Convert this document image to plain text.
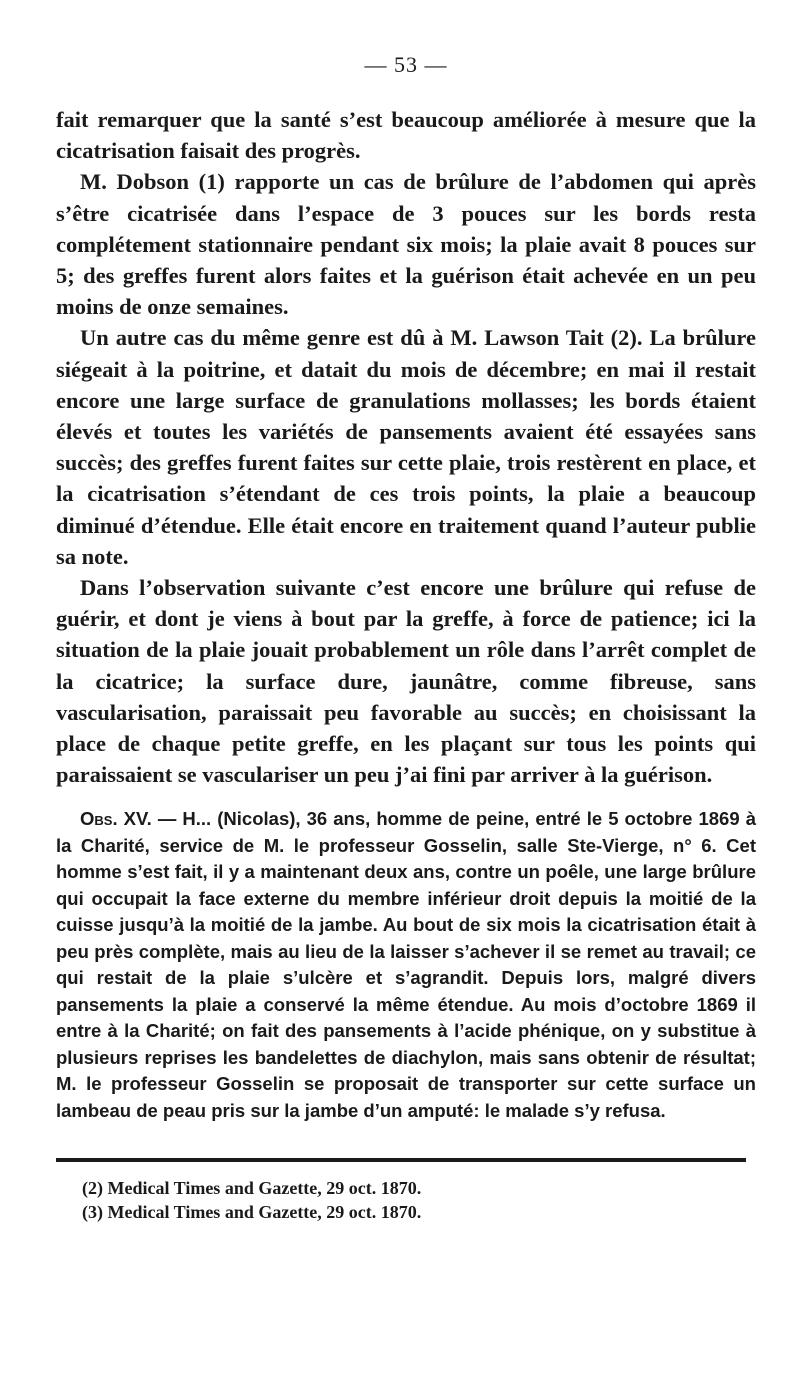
— 53 —

fait remarquer que la santé s’est beaucoup améliorée à mesure que la cicatrisation faisait des progrès.

M. Dobson (1) rapporte un cas de brûlure de l’abdomen qui après s’être cicatrisée dans l’espace de 3 pouces sur les bords resta complétement stationnaire pendant six mois; la plaie avait 8 pouces sur 5; des greffes furent alors faites et la guérison était achevée en un peu moins de onze semaines.

Un autre cas du même genre est dû à M. Lawson Tait (2). La brûlure siégeait à la poitrine, et datait du mois de décembre; en mai il restait encore une large surface de granulations mollasses; les bords étaient élevés et toutes les variétés de pansements avaient été essayées sans succès; des greffes furent faites sur cette plaie, trois restèrent en place, et la cicatrisation s’étendant de ces trois points, la plaie a beaucoup diminué d’étendue. Elle était encore en traitement quand l’auteur publie sa note.

Dans l’observation suivante c’est encore une brûlure qui refuse de guérir, et dont je viens à bout par la greffe, à force de patience; ici la situation de la plaie jouait probablement un rôle dans l’arrêt complet de la cicatrice; la surface dure, jaunâtre, comme fibreuse, sans vascularisation, paraissait peu favorable au succès; en choisissant la place de chaque petite greffe, en les plaçant sur tous les points qui paraissaient se vasculariser un peu j’ai fini par arriver à la guérison.

Obs. XV. — H... (Nicolas), 36 ans, homme de peine, entré le 5 octobre 1869 à la Charité, service de M. le professeur Gosselin, salle Ste-Vierge, n° 6. Cet homme s’est fait, il y a maintenant deux ans, contre un poêle, une large brûlure qui occupait la face externe du membre inférieur droit depuis la moitié de la cuisse jusqu’à la moitié de la jambe. Au bout de six mois la cicatrisation était à peu près complète, mais au lieu de la laisser s’achever il se remet au travail; ce qui restait de la plaie s’ulcère et s’agrandit. Depuis lors, malgré divers pansements la plaie a conservé la même étendue. Au mois d’octobre 1869 il entre à la Charité; on fait des pansements à l’acide phénique, on y substitue à plusieurs reprises les bandelettes de diachylon, mais sans obtenir de résultat; M. le professeur Gosselin se proposait de transporter sur cette surface un lambeau de peau pris sur la jambe d’un amputé: le malade s’y refusa.

(2) Medical Times and Gazette, 29 oct. 1870.

(3) Medical Times and Gazette, 29 oct. 1870.
